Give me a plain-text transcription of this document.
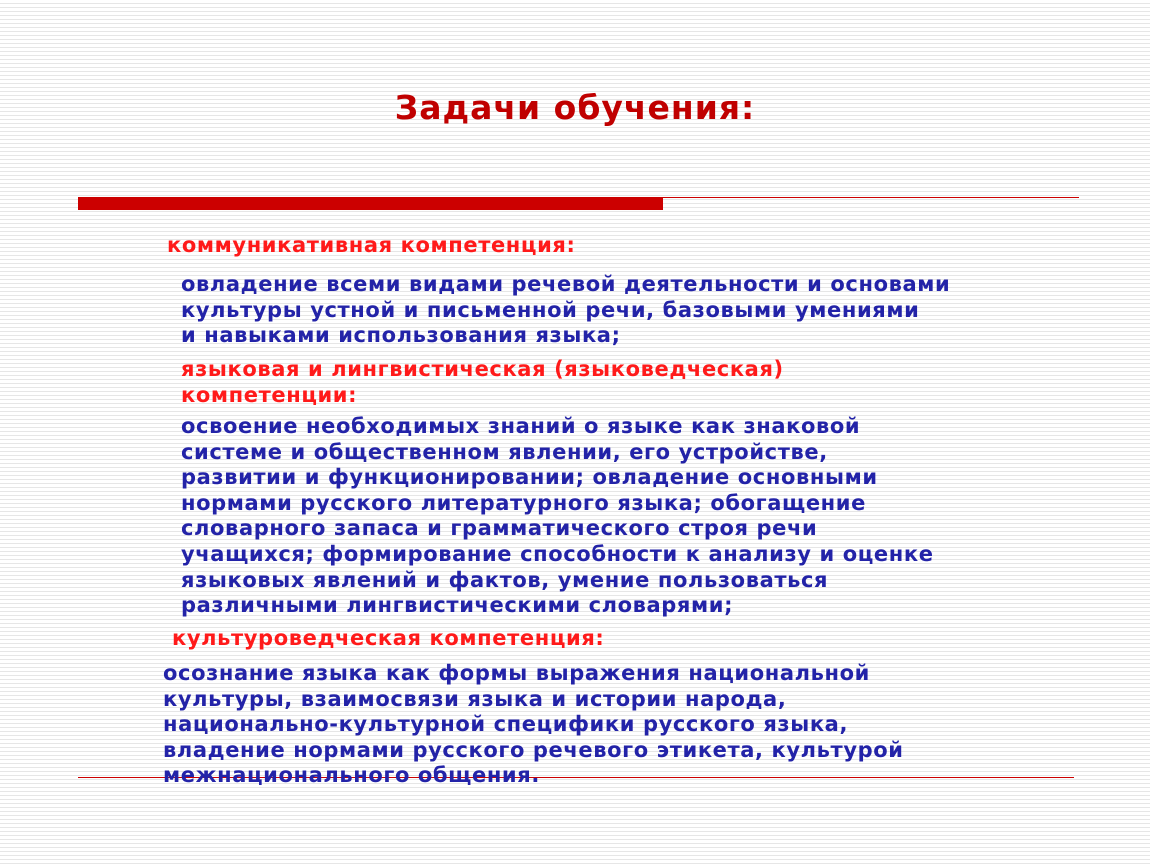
Задачи обучения:

коммуникативная компетенция:

овладение всеми видами речевой деятельности и основами
культуры устной и письменной речи, базовыми умениями
и навыками использования языка;

языковая и лингвистическая (языковедческая)
компетенции:

освоение необходимых знаний о языке как знаковой
системе и общественном явлении, его устройстве,
развитии и функционировании; овладение основными
нормами русского литературного языка; обогащение
словарного запаса и грамматического строя речи
учащихся; формирование способности к анализу и оценке
языковых явлений и фактов, умение пользоваться
различными лингвистическими словарями;

культуроведческая компетенция:

осознание языка как формы выражения национальной
культуры, взаимосвязи языка и истории народа,
национально-культурной специфики русского языка,
владение нормами русского речевого этикета, культурой
межнационального общения.
